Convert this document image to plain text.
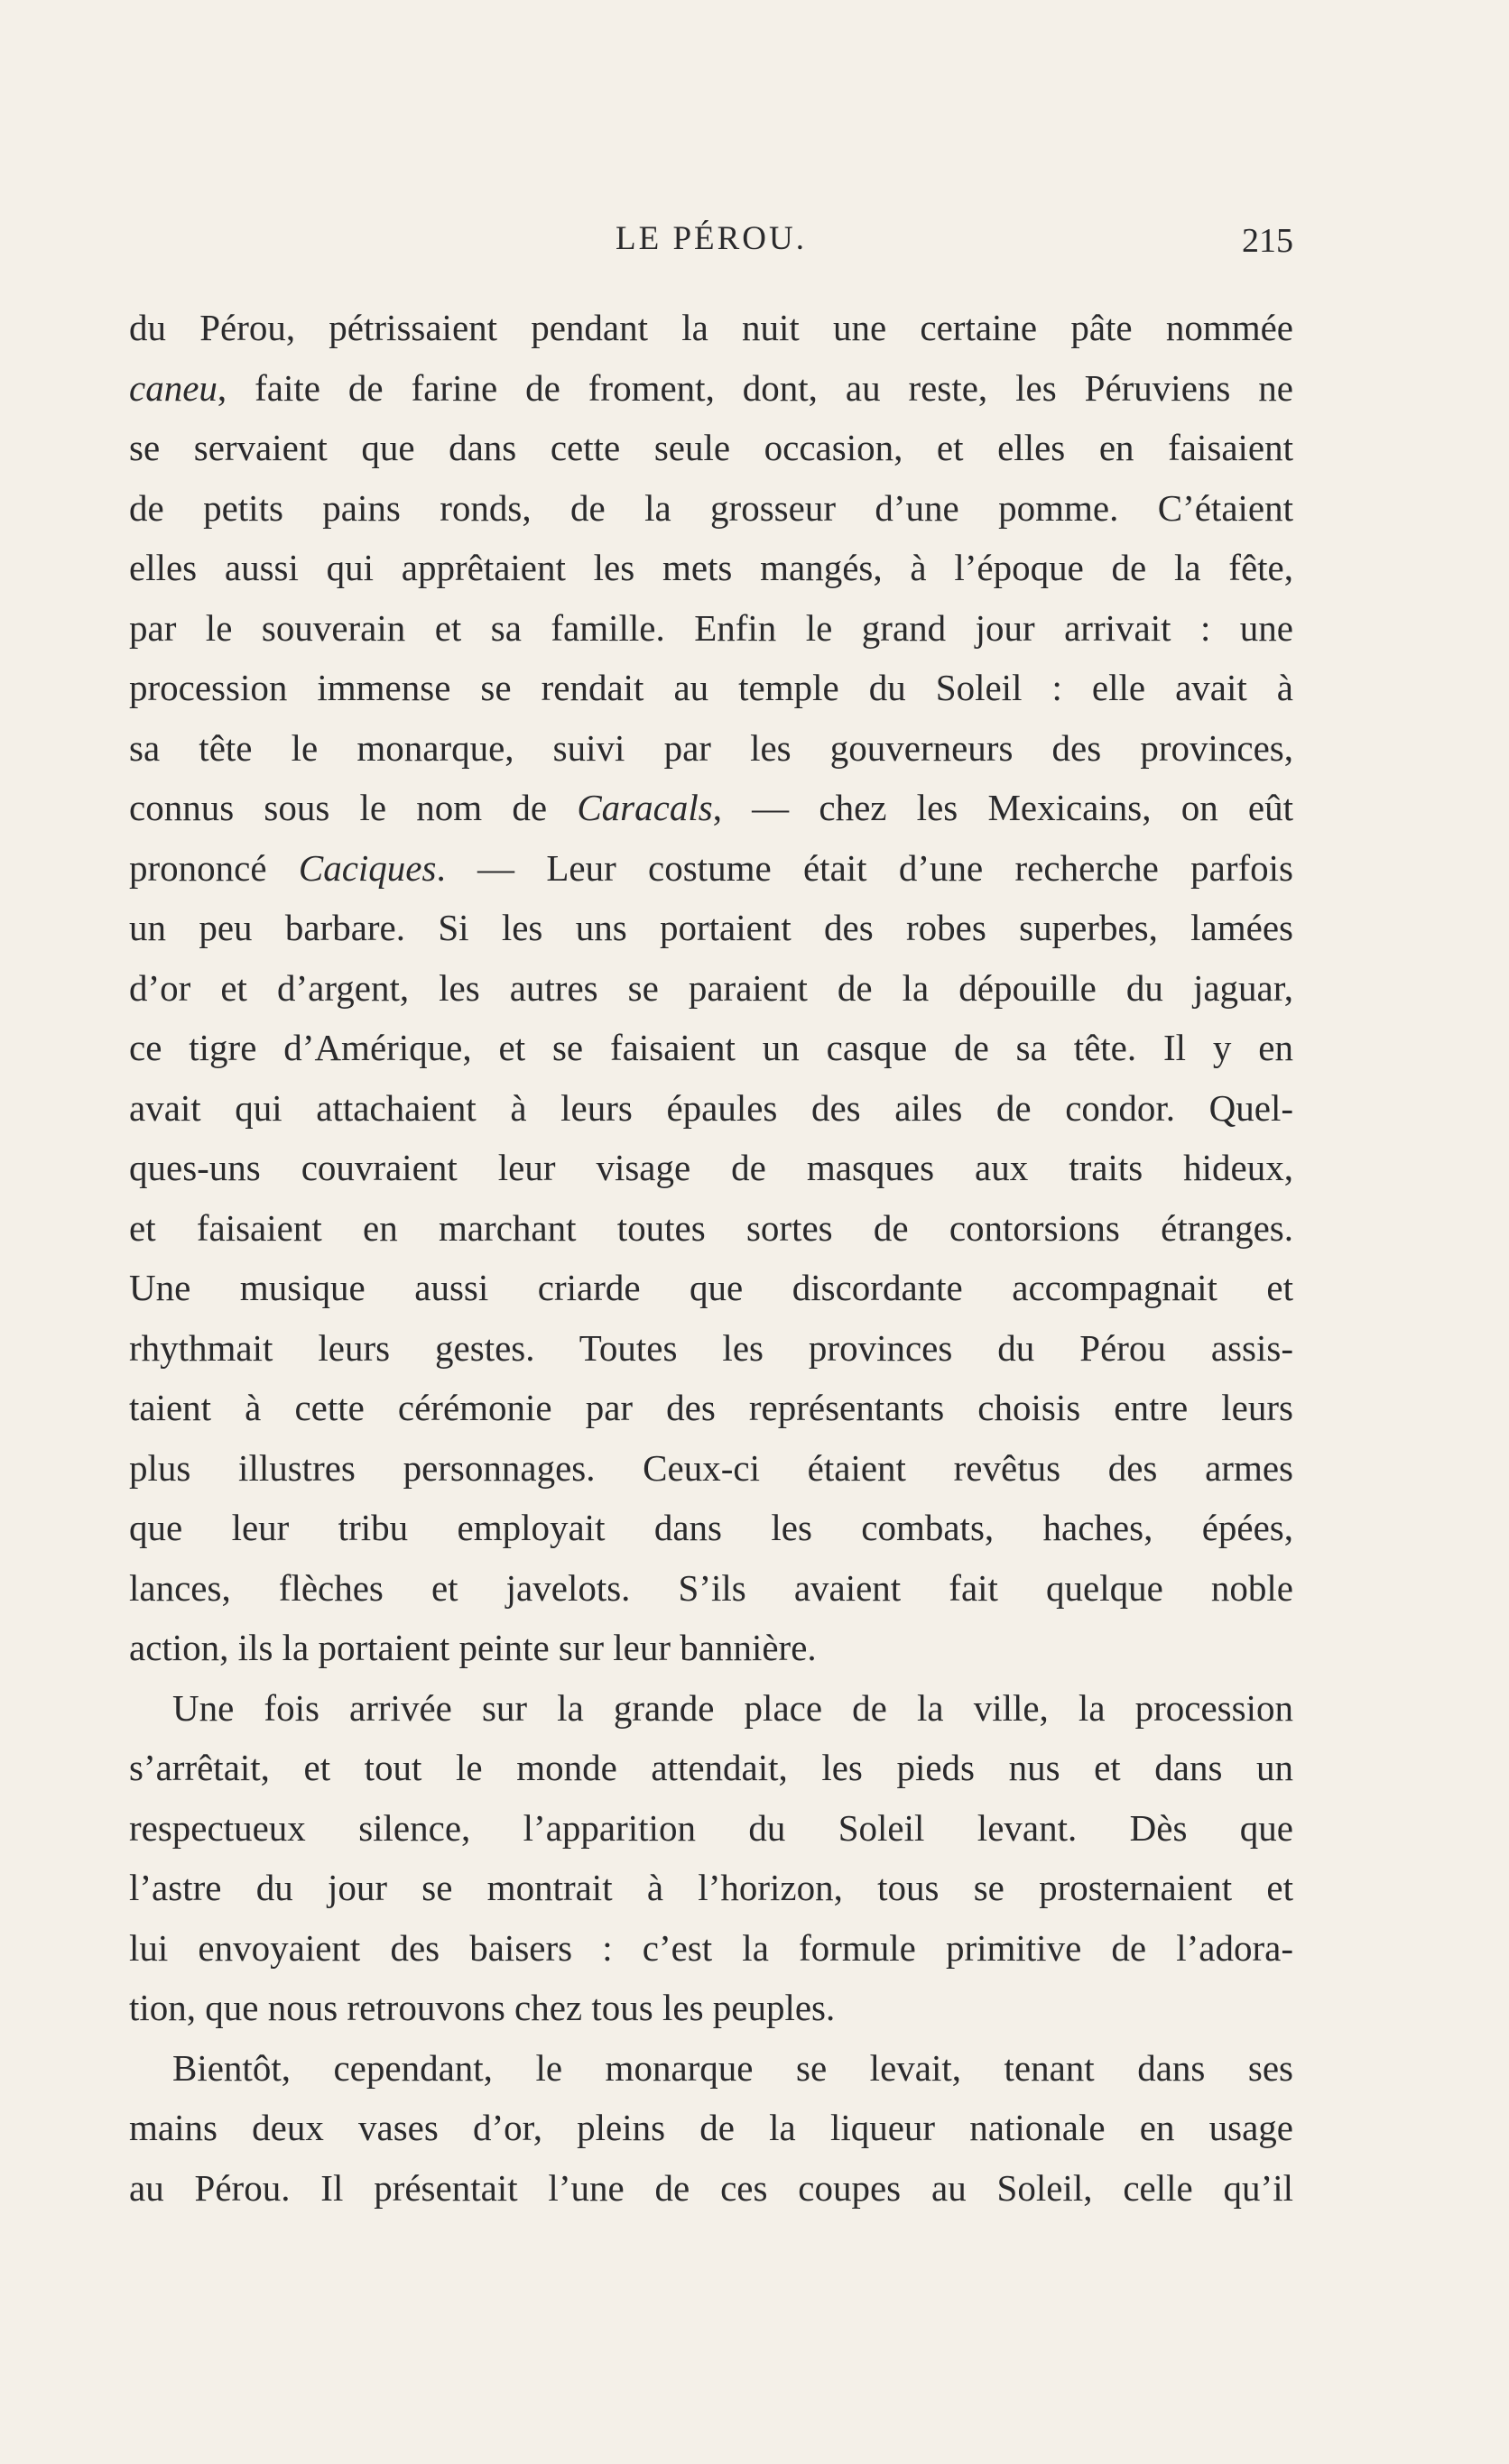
LE PÉROU.	215
du Pérou, pétrissaient pendant la nuit une certaine pâte nommée
caneu, faite de farine de froment, dont, au reste, les Péruviens ne
se servaient que dans cette seule occasion, et elles en faisaient
de petits pains ronds, de la grosseur d’une pomme. C’étaient
elles aussi qui apprêtaient les mets mangés, à l’époque de la fête,
par le souverain et sa famille. Enfin le grand jour arrivait : une
procession immense se rendait au temple du Soleil : elle avait à
sa tête le monarque, suivi par les gouverneurs des provinces,
connus sous le nom de Caracals, — chez les Mexicains, on eût
prononcé Caciques. — Leur costume était d’une recherche parfois
un peu barbare. Si les uns portaient des robes superbes, lamées
d’or et d’argent, les autres se paraient de la dépouille du jaguar,
ce tigre d’Amérique, et se faisaient un casque de sa tête. Il y en
avait qui attachaient à leurs épaules des ailes de condor. Quel-
ques-uns couvraient leur visage de masques aux traits hideux,
et faisaient en marchant toutes sortes de contorsions étranges.
Une musique aussi criarde que discordante accompagnait et
rhythmait leurs gestes. Toutes les provinces du Pérou assis-
taient à cette cérémonie par des représentants choisis entre leurs
plus illustres personnages. Ceux-ci étaient revêtus des armes
que leur tribu employait dans les combats, haches, épées,
lances, flèches et javelots. S’ils avaient fait quelque noble
action, ils la portaient peinte sur leur bannière.
Une fois arrivée sur la grande place de la ville, la procession
s’arrêtait, et tout le monde attendait, les pieds nus et dans un
respectueux silence, l’apparition du Soleil levant. Dès que
l’astre du jour se montrait à l’horizon, tous se prosternaient et
lui envoyaient des baisers : c’est la formule primitive de l’adora-
tion, que nous retrouvons chez tous les peuples.
Bientôt, cependant, le monarque se levait, tenant dans ses
mains deux vases d’or, pleins de la liqueur nationale en usage
au Pérou. Il présentait l’une de ces coupes au Soleil, celle qu’il
